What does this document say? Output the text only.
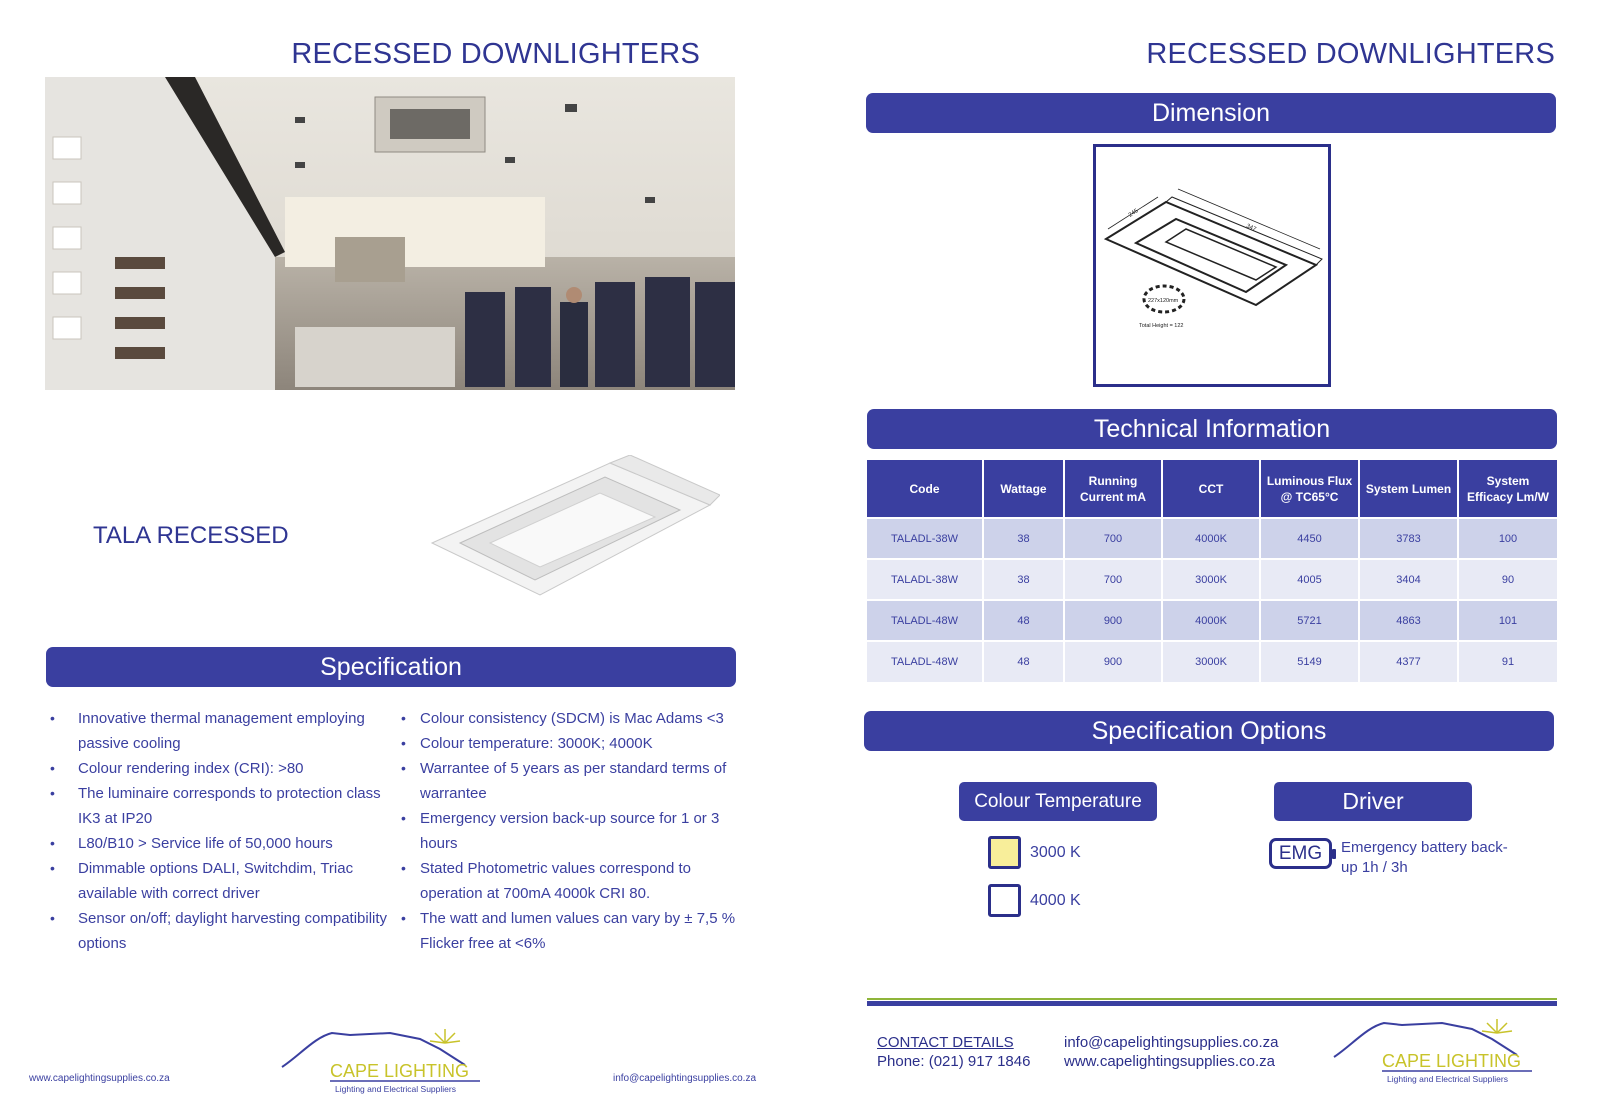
RECESSED DOWNLIGHTERS
TALA RECESSED
Specification
• Innovative thermal management employing passive cooling
• Colour rendering index (CRI): >80
• The luminaire corresponds to protection class IK3 at IP20
• L80/B10 > Service life of 50,000 hours
• Dimmable options DALI, Switchdim, Triac available with correct driver
• Sensor on/off; daylight harvesting compatibility options
• Colour consistency (SDCM) is Mac Adams <3
• Colour temperature: 3000K; 4000K
• Warrantee of 5 years as per standard terms of warrantee
• Emergency version back-up source for 1 or 3 hours
• Stated Photometric values correspond to operation at 700mA 4000k CRI 80.
• The watt and lumen values can vary by ± 7,5 % Flicker free at <6%
www.capelightingsupplies.co.za	info@capelightingsupplies.co.za
CAPE LIGHTING
Lighting and Electrical Suppliers
RECESSED DOWNLIGHTERS
Dimension
245
347
227x120mm
Total Height = 122
Technical Information
Code	Wattage	Running Current mA	CCT	Luminous Flux @ TC65°C	System Lumen	System Efficacy Lm/W
TALADL-38W	38	700	4000K	4450	3783	100
TALADL-38W	38	700	3000K	4005	3404	90
TALADL-48W	48	900	4000K	5721	4863	101
TALADL-48W	48	900	3000K	5149	4377	91
Specification Options
Colour Temperature	Driver
3000 K
4000 K
EMG Emergency battery back-up 1h / 3h
CONTACT DETAILS
Phone: (021) 917 1846
info@capelightingsupplies.co.za
www.capelightingsupplies.co.za	CAPE LIGHTING
Lighting and Electrical Suppliers
